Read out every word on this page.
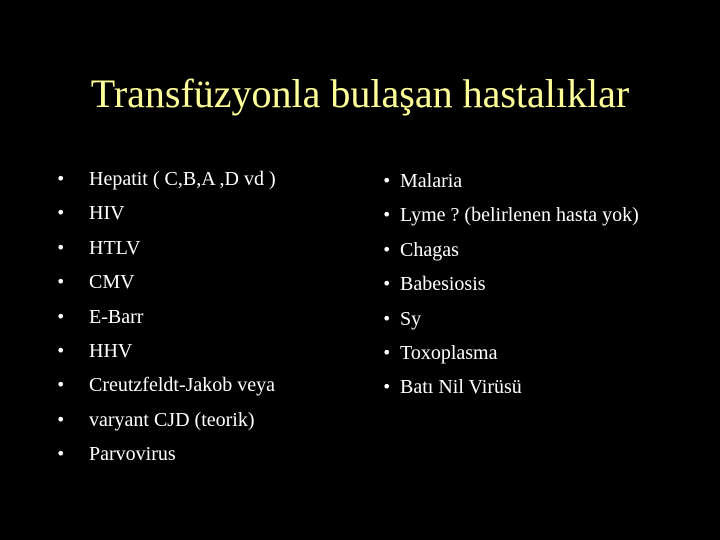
Transfüzyonla bulaşan hastalıklar
• Hepatit ( C,B,A ,D vd )
• HIV
• HTLV
• CMV
• E-Barr
• HHV
• Creutzfeldt-Jakob veya
• varyant CJD (teorik)
• Parvovirus
• Malaria
• Lyme ? (belirlenen hasta yok)
• Chagas
• Babesiosis
• Sy
• Toxoplasma
• Batı Nil Virüsü
